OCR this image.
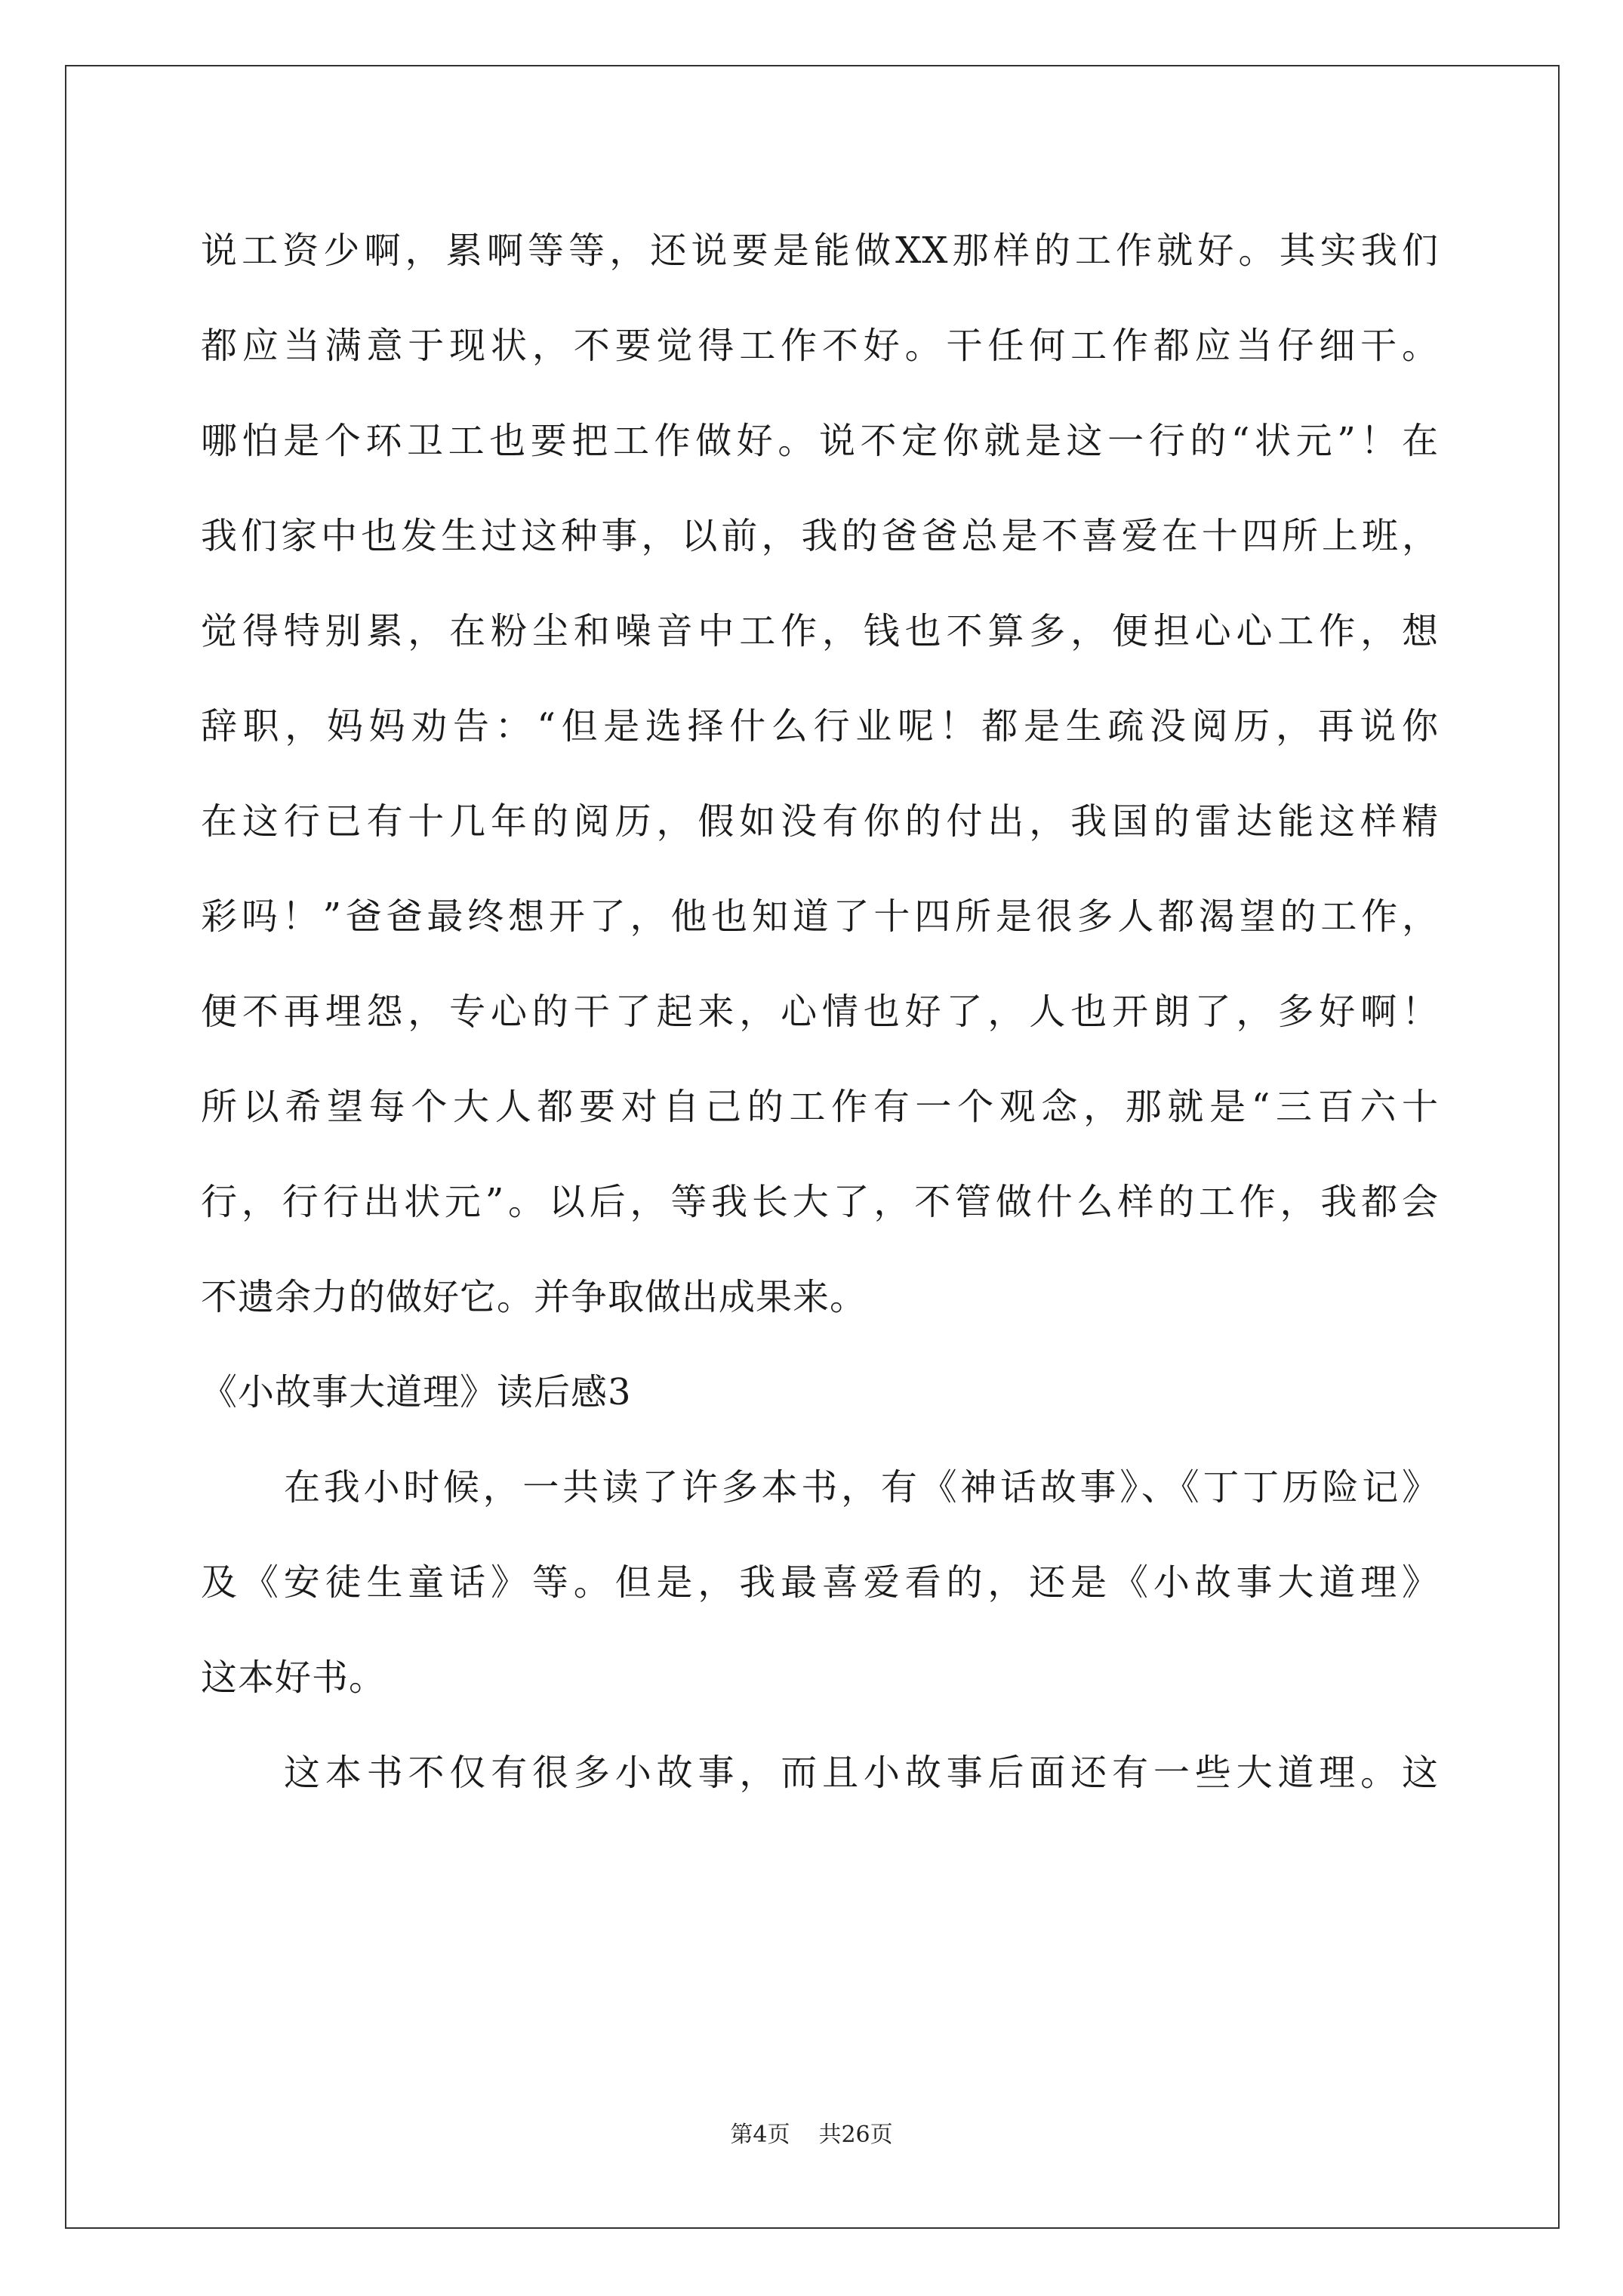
说工资少啊，累啊等等，还说要是能做XX那样的工作就好。其实我们
都应当满意于现状，不要觉得工作不好。干任何工作都应当仔细干。
哪怕是个环卫工也要把工作做好。说不定你就是这一行的“状元”！在
我们家中也发生过这种事，以前，我的爸爸总是不喜爱在十四所上班，
觉得特别累，在粉尘和噪音中工作，钱也不算多，便担心心工作，想
辞职，妈妈劝告：“但是选择什么行业呢！都是生疏没阅历，再说你
在这行已有十几年的阅历，假如没有你的付出，我国的雷达能这样精
彩吗！”爸爸最终想开了，他也知道了十四所是很多人都渴望的工作，
便不再埋怨，专心的干了起来，心情也好了，人也开朗了，多好啊！
所以希望每个大人都要对自己的工作有一个观念，那就是“三百六十
行，行行出状元”。以后，等我长大了，不管做什么样的工作，我都会
不遗余力的做好它。并争取做出成果来。
《小故事大道理》读后感3
在我小时候，一共读了许多本书，有《神话故事》、《丁丁历险记》
及《安徒生童话》等。但是，我最喜爱看的，还是《小故事大道理》
这本好书。
这本书不仅有很多小故事，而且小故事后面还有一些大道理。这
第4页 共26页
